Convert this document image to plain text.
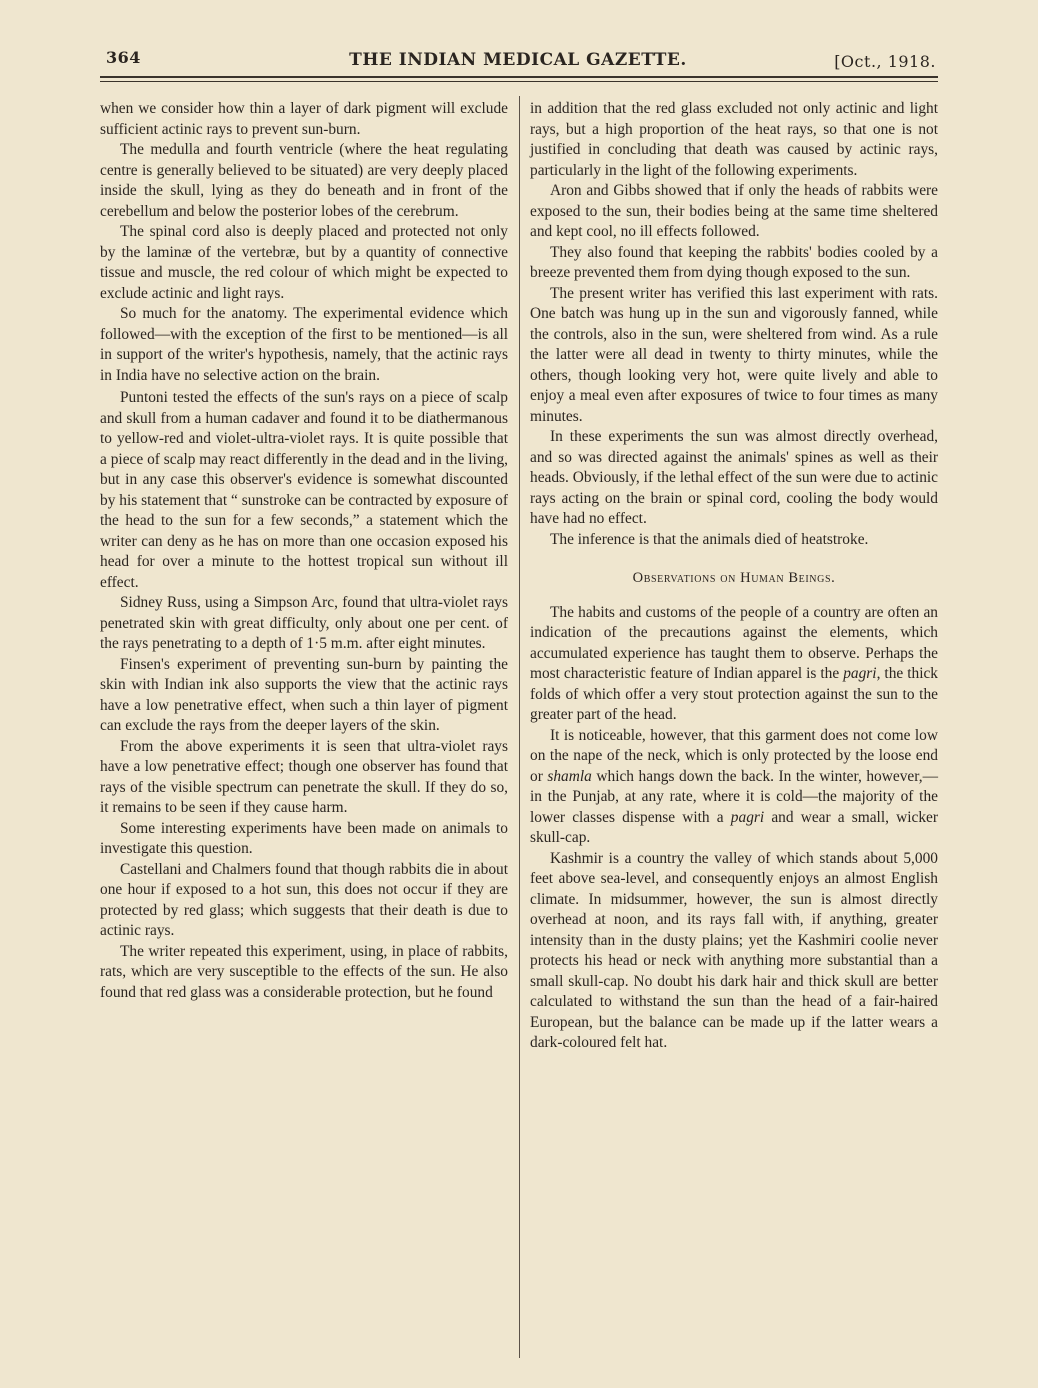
364	THE INDIAN MEDICAL GAZETTE.	[Oct., 1918.

when we consider how thin a layer of dark pigment will exclude sufficient actinic rays to prevent sun-burn.

The medulla and fourth ventricle (where the heat regulating centre is generally believed to be situated) are very deeply placed inside the skull, lying as they do beneath and in front of the cerebellum and below the posterior lobes of the cerebrum.

The spinal cord also is deeply placed and protected not only by the laminæ of the vertebræ, but by a quantity of connective tissue and muscle, the red colour of which might be expected to exclude actinic and light rays.

So much for the anatomy. The experimental evidence which followed—with the exception of the first to be mentioned—is all in support of the writer's hypothesis, namely, that the actinic rays in India have no selective action on the brain.

Puntoni tested the effects of the sun's rays on a piece of scalp and skull from a human cadaver and found it to be diathermanous to yellow-red and violet-ultra-violet rays. It is quite possible that a piece of scalp may react differently in the dead and in the living, but in any case this observer's evidence is somewhat discounted by his statement that “ sunstroke can be contracted by exposure of the head to the sun for a few seconds,” a statement which the writer can deny as he has on more than one occasion exposed his head for over a minute to the hottest tropical sun without ill effect.

Sidney Russ, using a Simpson Arc, found that ultra-violet rays penetrated skin with great difficulty, only about one per cent. of the rays penetrating to a depth of 1·5 m.m. after eight minutes.

Finsen's experiment of preventing sun-burn by painting the skin with Indian ink also supports the view that the actinic rays have a low penetrative effect, when such a thin layer of pigment can exclude the rays from the deeper layers of the skin.

From the above experiments it is seen that ultra-violet rays have a low penetrative effect; though one observer has found that rays of the visible spectrum can penetrate the skull. If they do so, it remains to be seen if they cause harm.

Some interesting experiments have been made on animals to investigate this question.

Castellani and Chalmers found that though rabbits die in about one hour if exposed to a hot sun, this does not occur if they are protected by red glass; which suggests that their death is due to actinic rays.

The writer repeated this experiment, using, in place of rabbits, rats, which are very susceptible to the effects of the sun. He also found that red glass was a considerable protection, but he found

in addition that the red glass excluded not only actinic and light rays, but a high proportion of the heat rays, so that one is not justified in concluding that death was caused by actinic rays, particularly in the light of the following experiments.

Aron and Gibbs showed that if only the heads of rabbits were exposed to the sun, their bodies being at the same time sheltered and kept cool, no ill effects followed.

They also found that keeping the rabbits' bodies cooled by a breeze prevented them from dying though exposed to the sun.

The present writer has verified this last experiment with rats. One batch was hung up in the sun and vigorously fanned, while the controls, also in the sun, were sheltered from wind. As a rule the latter were all dead in twenty to thirty minutes, while the others, though looking very hot, were quite lively and able to enjoy a meal even after exposures of twice to four times as many minutes.

In these experiments the sun was almost directly overhead, and so was directed against the animals' spines as well as their heads. Obviously, if the lethal effect of the sun were due to actinic rays acting on the brain or spinal cord, cooling the body would have had no effect.

The inference is that the animals died of heatstroke.

Observations on Human Beings.

The habits and customs of the people of a country are often an indication of the precautions against the elements, which accumulated experience has taught them to observe. Perhaps the most characteristic feature of Indian apparel is the pagri, the thick folds of which offer a very stout protection against the sun to the greater part of the head.

It is noticeable, however, that this garment does not come low on the nape of the neck, which is only protected by the loose end or shamla which hangs down the back. In the winter, however,—in the Punjab, at any rate, where it is cold—the majority of the lower classes dispense with a pagri and wear a small, wicker skull-cap.

Kashmir is a country the valley of which stands about 5,000 feet above sea-level, and consequently enjoys an almost English climate. In midsummer, however, the sun is almost directly overhead at noon, and its rays fall with, if anything, greater intensity than in the dusty plains; yet the Kashmiri coolie never protects his head or neck with anything more substantial than a small skull-cap. No doubt his dark hair and thick skull are better calculated to withstand the sun than the head of a fair-haired European, but the balance can be made up if the latter wears a dark-coloured felt hat.
